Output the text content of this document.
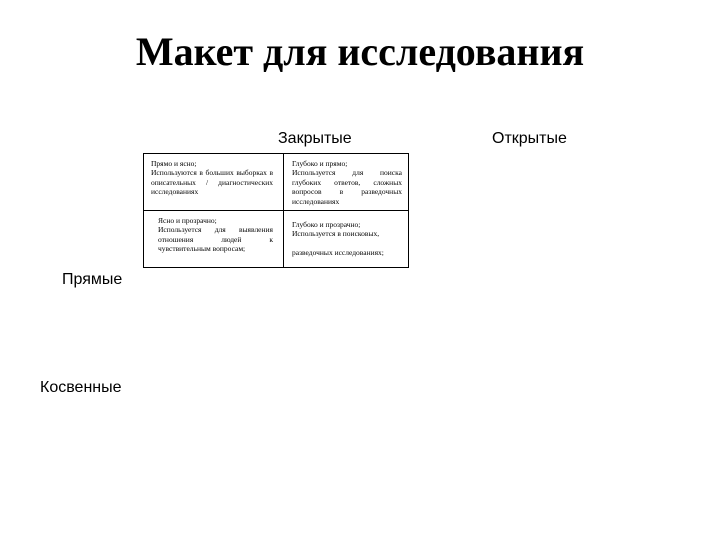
Макет для исследования
Закрытые	Открытые
Прямые
Косвенные
Прямо и ясно;
Используются в больших выборках в описательных / диагностических исследованиях
Глубоко и прямо;
Используется для поиска глубоких ответов, сложных вопросов в разведочных исследованиях
Ясно и прозрачно;
Используется для выявления отношения людей к чувствительным вопросам;
Глубоко и прозрачно;
Используется в поисковых,

разведочных исследованиях;
